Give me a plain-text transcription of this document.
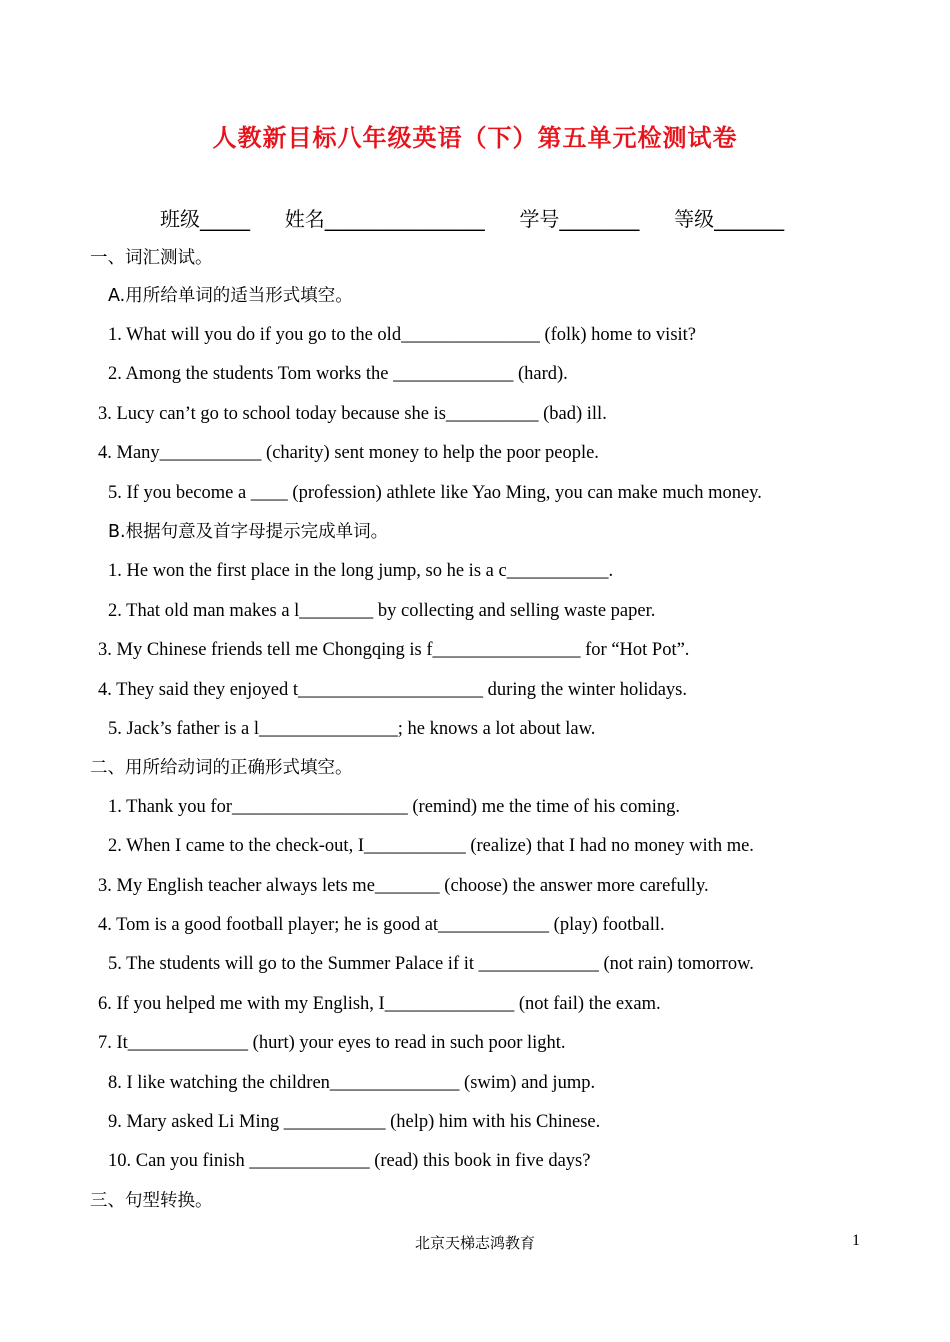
人教新目标八年级英语（下）第五单元检测试卷
班级_____ 姓名________________ 学号________ 等级_______
一、词汇测试。
A.用所给单词的适当形式填空。
1. What will you do if you go to the old_______________ (folk) home to visit?
2. Among the students Tom works the _____________ (hard).
3. Lucy can’t go to school today because she is__________ (bad) ill.
4. Many___________ (charity) sent money to help the poor people.
5. If you become a ____ (profession) athlete like Yao Ming, you can make much money.
B.根据句意及首字母提示完成单词。
1. He won the first place in the long jump, so he is a c___________.
2. That old man makes a l________ by collecting and selling waste paper.
3. My Chinese friends tell me Chongqing is f________________ for “Hot Pot”.
4. They said they enjoyed t____________________ during the winter holidays.
5. Jack’s father is a l_______________; he knows a lot about law.
二、用所给动词的正确形式填空。
1. Thank you for___________________ (remind) me the time of his coming.
2. When I came to the check-out, I___________ (realize) that I had no money with me.
3. My English teacher always lets me_______ (choose) the answer more carefully.
4. Tom is a good football player; he is good at____________ (play) football.
5. The students will go to the Summer Palace if it _____________ (not rain) tomorrow.
6. If you helped me with my English, I______________ (not fail) the exam.
7. It_____________ (hurt) your eyes to read in such poor light.
8. I like watching the children______________ (swim) and jump.
9. Mary asked Li Ming ___________ (help) him with his Chinese.
10. Can you finish _____________ (read) this book in five days?
三、句型转换。
北京天梯志鸿教育	1
